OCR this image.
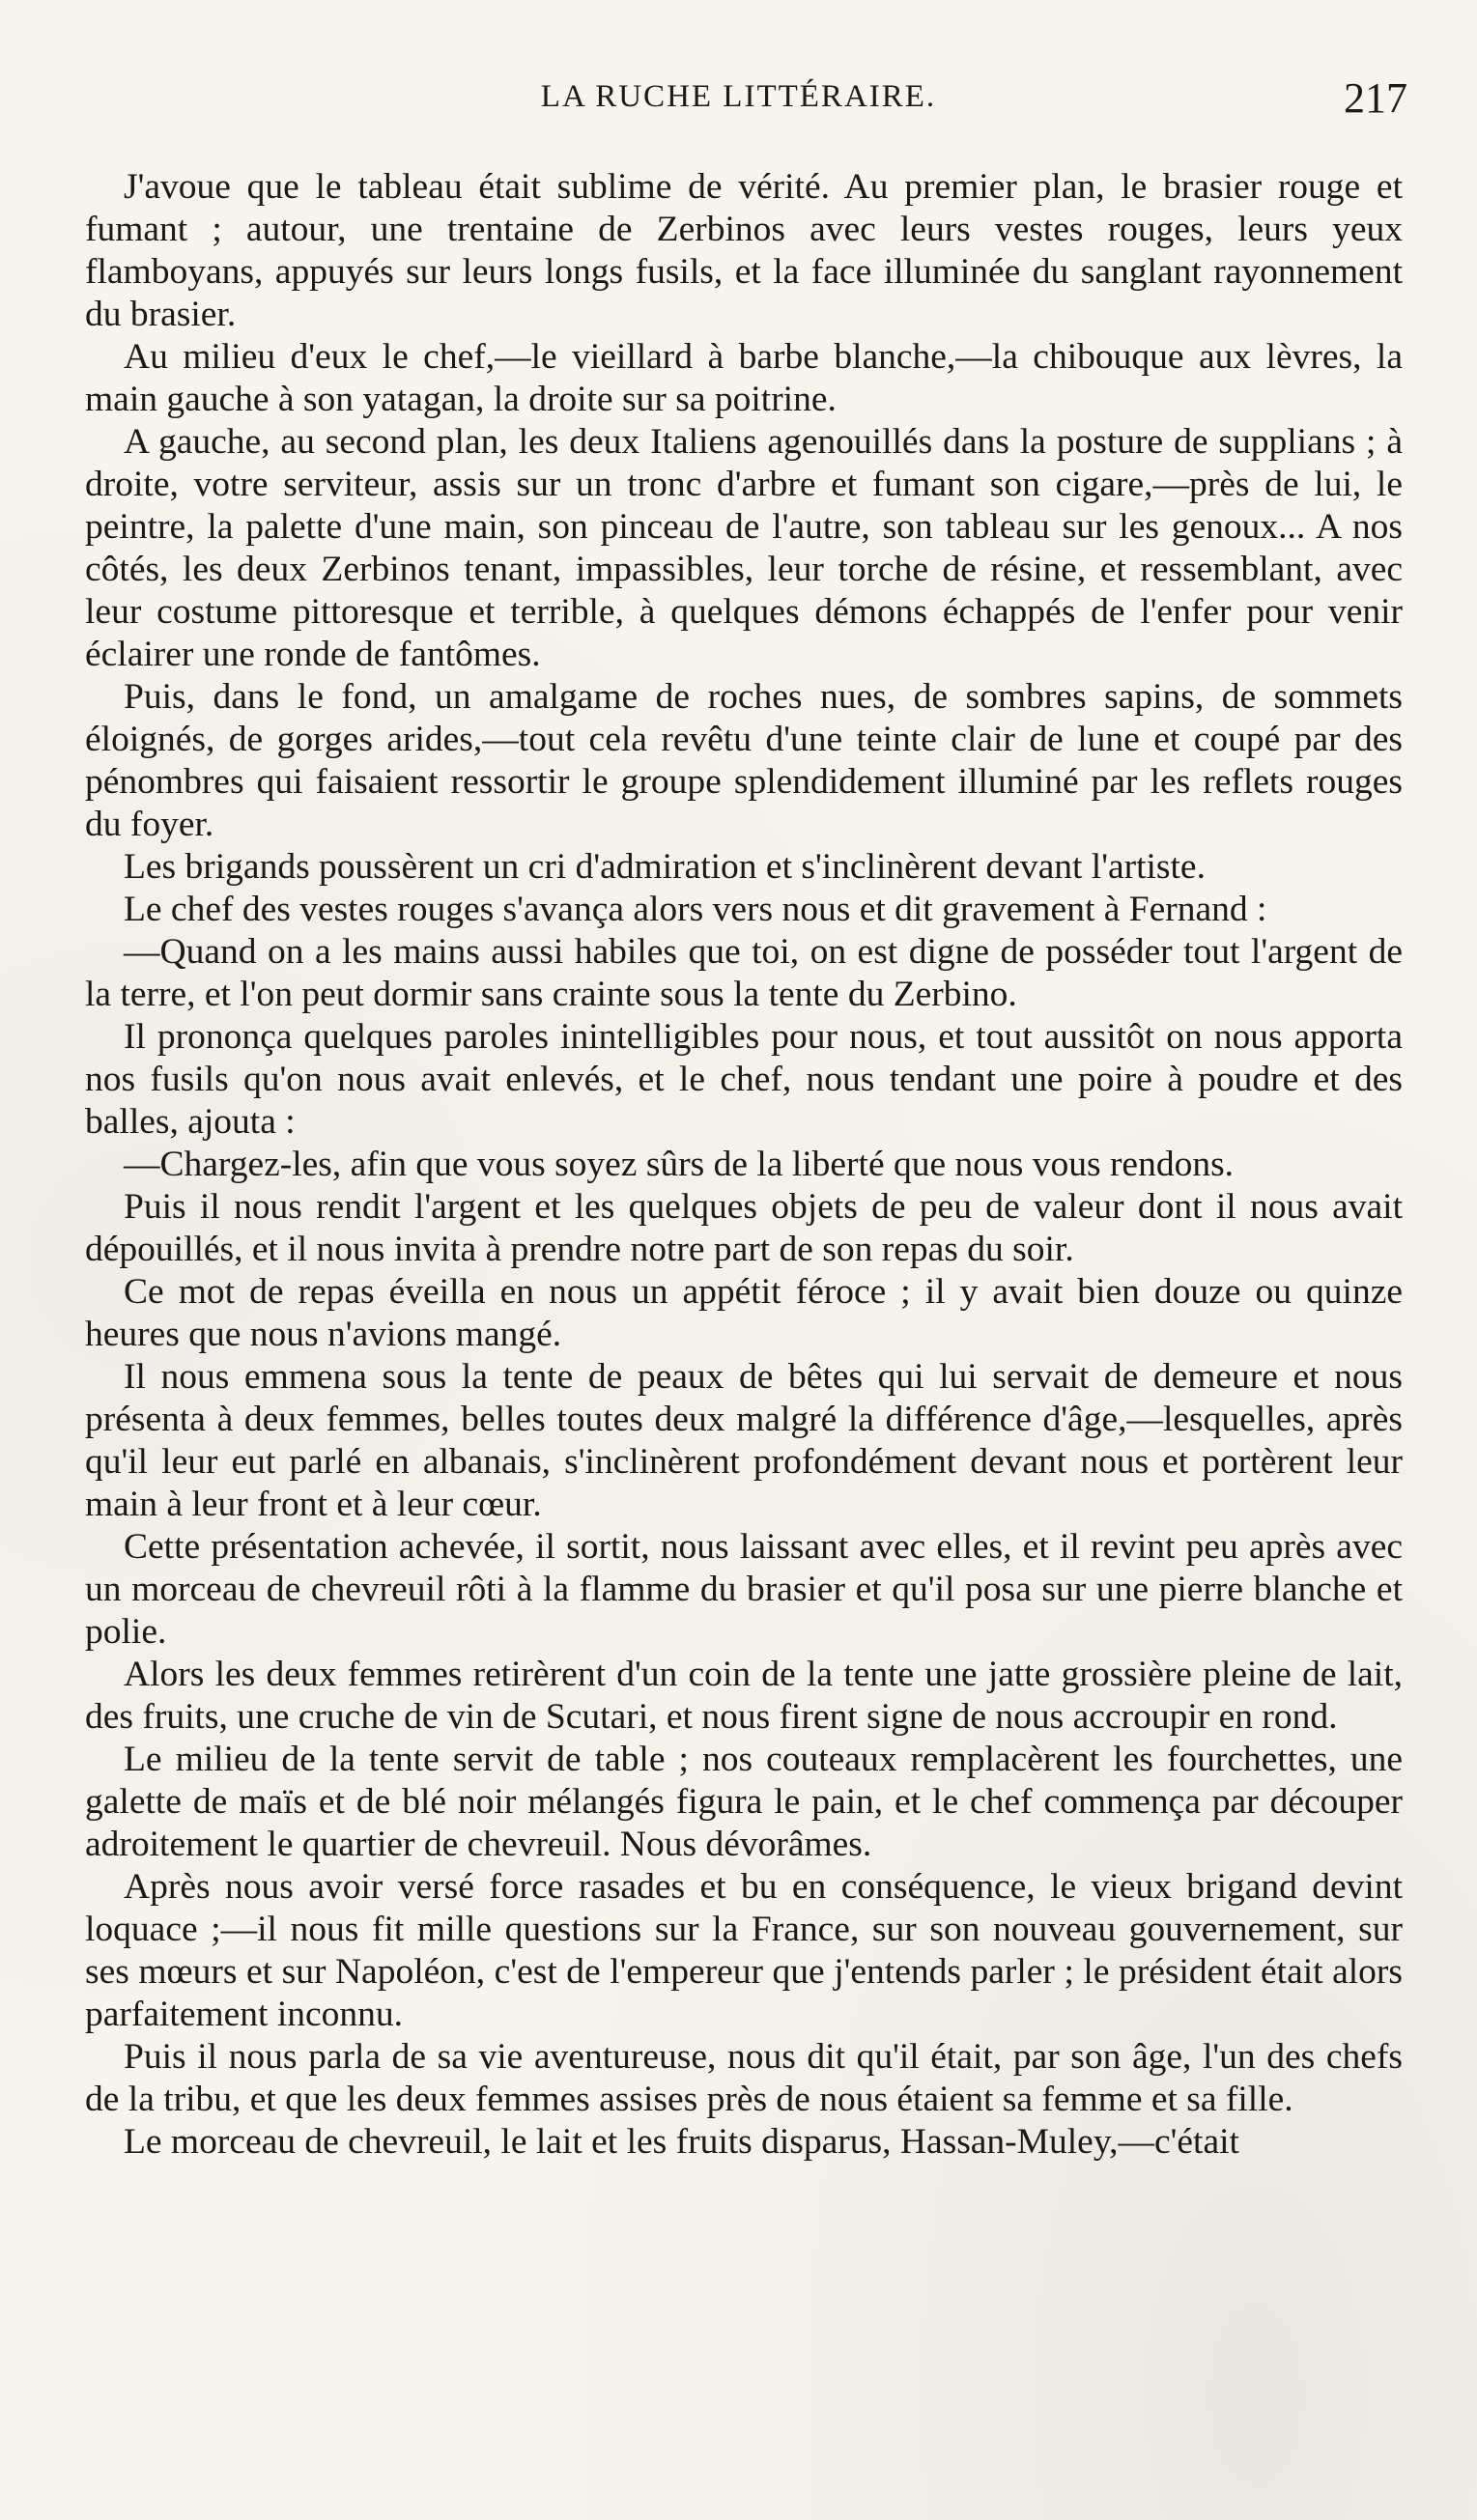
LA RUCHE LITTÉRAIRE.	217

J'avoue que le tableau était sublime de vérité. Au premier plan, le brasier rouge et fumant ; autour, une trentaine de Zerbinos avec leurs vestes rouges, leurs yeux flamboyans, appuyés sur leurs longs fusils, et la face illuminée du sanglant rayonnement du brasier.

Au milieu d'eux le chef,—le vieillard à barbe blanche,—la chibouque aux lèvres, la main gauche à son yatagan, la droite sur sa poitrine.

A gauche, au second plan, les deux Italiens agenouillés dans la posture de supplians ; à droite, votre serviteur, assis sur un tronc d'arbre et fumant son cigare,—près de lui, le peintre, la palette d'une main, son pinceau de l'autre, son tableau sur les genoux... A nos côtés, les deux Zerbinos tenant, impassibles, leur torche de résine, et ressemblant, avec leur costume pittoresque et terrible, à quelques démons échappés de l'enfer pour venir éclairer une ronde de fantômes.

Puis, dans le fond, un amalgame de roches nues, de sombres sapins, de sommets éloignés, de gorges arides,—tout cela revêtu d'une teinte clair de lune et coupé par des pénombres qui faisaient ressortir le groupe splendidement illuminé par les reflets rouges du foyer.

Les brigands poussèrent un cri d'admiration et s'inclinèrent devant l'artiste.

Le chef des vestes rouges s'avança alors vers nous et dit gravement à Fernand :

—Quand on a les mains aussi habiles que toi, on est digne de posséder tout l'argent de la terre, et l'on peut dormir sans crainte sous la tente du Zerbino.

Il prononça quelques paroles inintelligibles pour nous, et tout aussitôt on nous apporta nos fusils qu'on nous avait enlevés, et le chef, nous tendant une poire à poudre et des balles, ajouta :

—Chargez-les, afin que vous soyez sûrs de la liberté que nous vous rendons.

Puis il nous rendit l'argent et les quelques objets de peu de valeur dont il nous avait dépouillés, et il nous invita à prendre notre part de son repas du soir.

Ce mot de repas éveilla en nous un appétit féroce ; il y avait bien douze ou quinze heures que nous n'avions mangé.

Il nous emmena sous la tente de peaux de bêtes qui lui servait de demeure et nous présenta à deux femmes, belles toutes deux malgré la différence d'âge,—lesquelles, après qu'il leur eut parlé en albanais, s'inclinèrent profondément devant nous et portèrent leur main à leur front et à leur cœur.

Cette présentation achevée, il sortit, nous laissant avec elles, et il revint peu après avec un morceau de chevreuil rôti à la flamme du brasier et qu'il posa sur une pierre blanche et polie.

Alors les deux femmes retirèrent d'un coin de la tente une jatte grossière pleine de lait, des fruits, une cruche de vin de Scutari, et nous firent signe de nous accroupir en rond.

Le milieu de la tente servit de table ; nos couteaux remplacèrent les fourchettes, une galette de maïs et de blé noir mélangés figura le pain, et le chef commença par découper adroitement le quartier de chevreuil. Nous dévorâmes.

Après nous avoir versé force rasades et bu en conséquence, le vieux brigand devint loquace ;—il nous fit mille questions sur la France, sur son nouveau gouvernement, sur ses mœurs et sur Napoléon, c'est de l'empereur que j'entends parler ; le président était alors parfaitement inconnu.

Puis il nous parla de sa vie aventureuse, nous dit qu'il était, par son âge, l'un des chefs de la tribu, et que les deux femmes assises près de nous étaient sa femme et sa fille.

Le morceau de chevreuil, le lait et les fruits disparus, Hassan-Muley,—c'était
